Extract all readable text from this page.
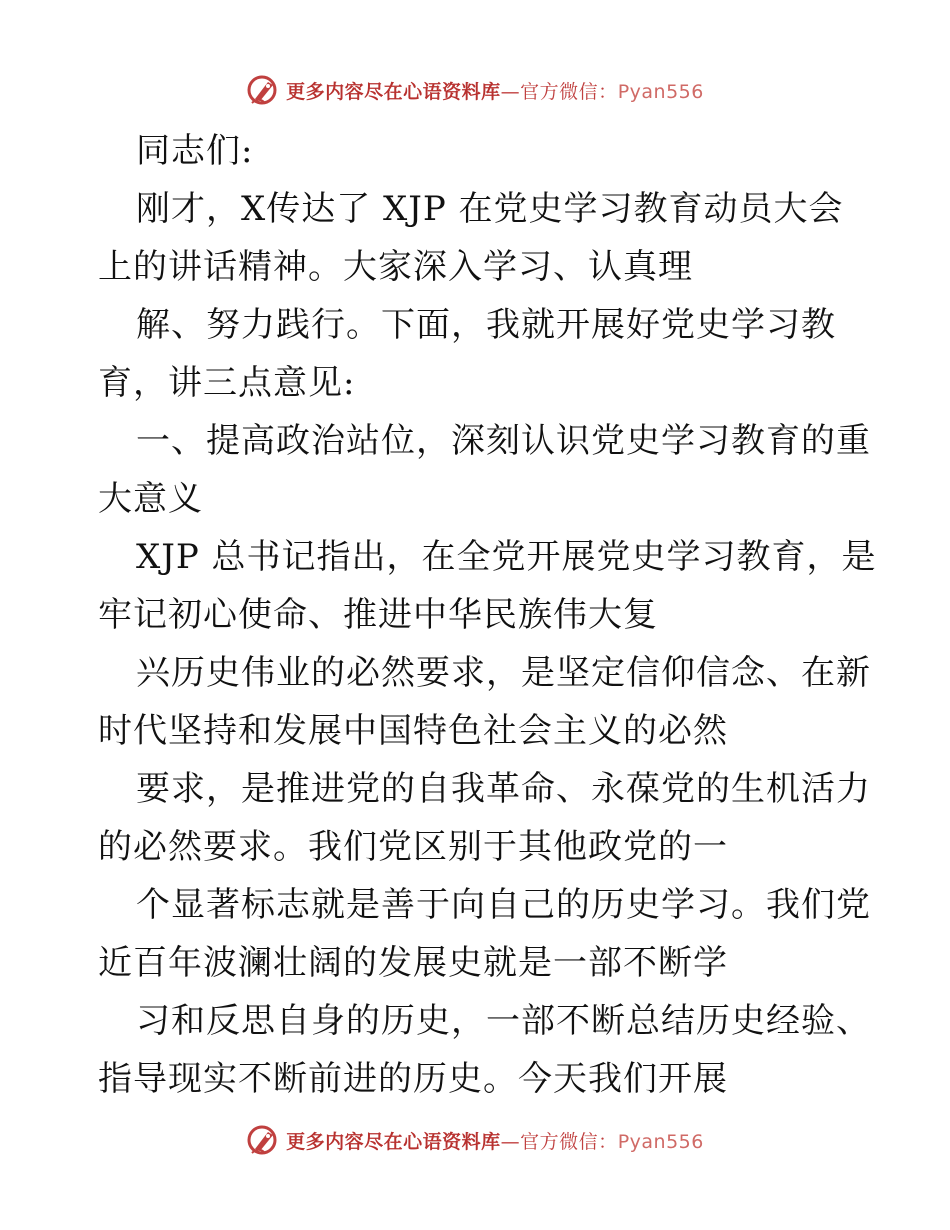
更多内容尽在心语资料库—官方微信：Pyan556
同志们:
刚才，X传达了 XJP 在党史学习教育动员大会
上的讲话精神。大家深入学习、认真理
解、努力践行。下面，我就开展好党史学习教
育，讲三点意见:
一、提高政治站位，深刻认识党史学习教育的重
大意义
XJP 总书记指出，在全党开展党史学习教育，是
牢记初心使命、推进中华民族伟大复
兴历史伟业的必然要求，是坚定信仰信念、在新
时代坚持和发展中国特色社会主义的必然
要求，是推进党的自我革命、永葆党的生机活力
的必然要求。我们党区别于其他政党的一
个显著标志就是善于向自己的历史学习。我们党
近百年波澜壮阔的发展史就是一部不断学
习和反思自身的历史，一部不断总结历史经验、
指导现实不断前进的历史。今天我们开展
更多内容尽在心语资料库—官方微信：Pyan556
